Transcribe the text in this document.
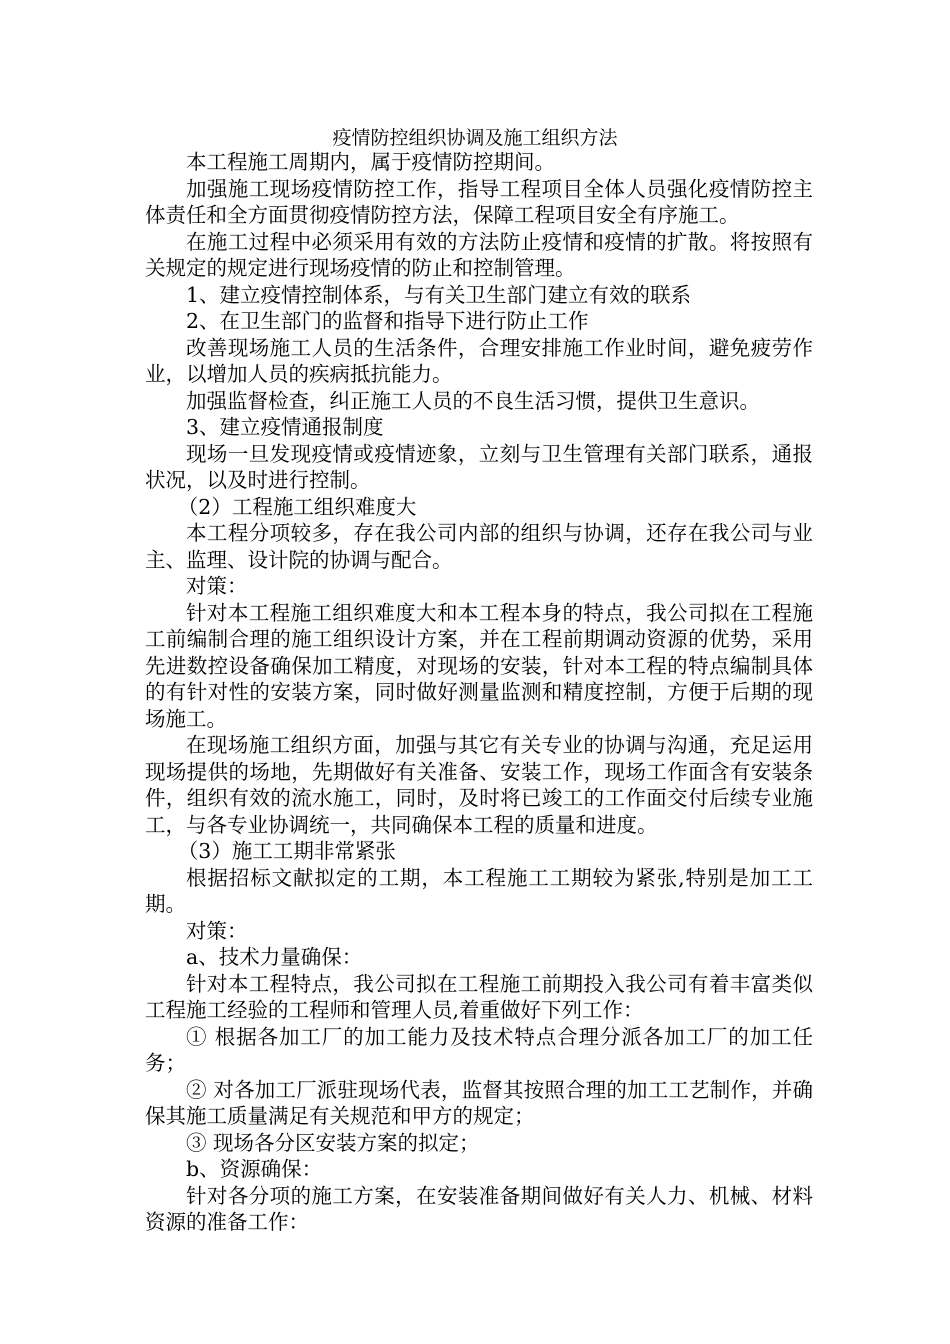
疫情防控组织协调及施工组织方法

本工程施工周期内，属于疫情防控期间。

加强施工现场疫情防控工作，指导工程项目全体人员强化疫情防控主体责任和全方面贯彻疫情防控方法，保障工程项目安全有序施工。

在施工过程中必须采用有效的方法防止疫情和疫情的扩散。将按照有关规定的规定进行现场疫情的防止和控制管理。

1、建立疫情控制体系，与有关卫生部门建立有效的联系

2、在卫生部门的监督和指导下进行防止工作

改善现场施工人员的生活条件，合理安排施工作业时间，避免疲劳作业，以增加人员的疾病抵抗能力。

加强监督检查，纠正施工人员的不良生活习惯，提供卫生意识。

3、建立疫情通报制度

现场一旦发现疫情或疫情迹象，立刻与卫生管理有关部门联系，通报状况，以及时进行控制。

（2）工程施工组织难度大

本工程分项较多，存在我公司内部的组织与协调，还存在我公司与业主、监理、设计院的协调与配合。

对策：

针对本工程施工组织难度大和本工程本身的特点，我公司拟在工程施工前编制合理的施工组织设计方案，并在工程前期调动资源的优势，采用先进数控设备确保加工精度，对现场的安装，针对本工程的特点编制具体的有针对性的安装方案，同时做好测量监测和精度控制，方便于后期的现场施工。

在现场施工组织方面，加强与其它有关专业的协调与沟通，充足运用现场提供的场地，先期做好有关准备、安装工作，现场工作面含有安装条件，组织有效的流水施工，同时，及时将已竣工的工作面交付后续专业施工，与各专业协调统一，共同确保本工程的质量和进度。

（3）施工工期非常紧张

根据招标文献拟定的工期，本工程施工工期较为紧张,特别是加工工期。

对策：

a、技术力量确保：

针对本工程特点，我公司拟在工程施工前期投入我公司有着丰富类似工程施工经验的工程师和管理人员,着重做好下列工作：

① 根据各加工厂的加工能力及技术特点合理分派各加工厂的加工任务；

② 对各加工厂派驻现场代表，监督其按照合理的加工工艺制作，并确保其施工质量满足有关规范和甲方的规定；

③ 现场各分区安装方案的拟定；

b、资源确保：

针对各分项的施工方案，在安装准备期间做好有关人力、机械、材料资源的准备工作：
